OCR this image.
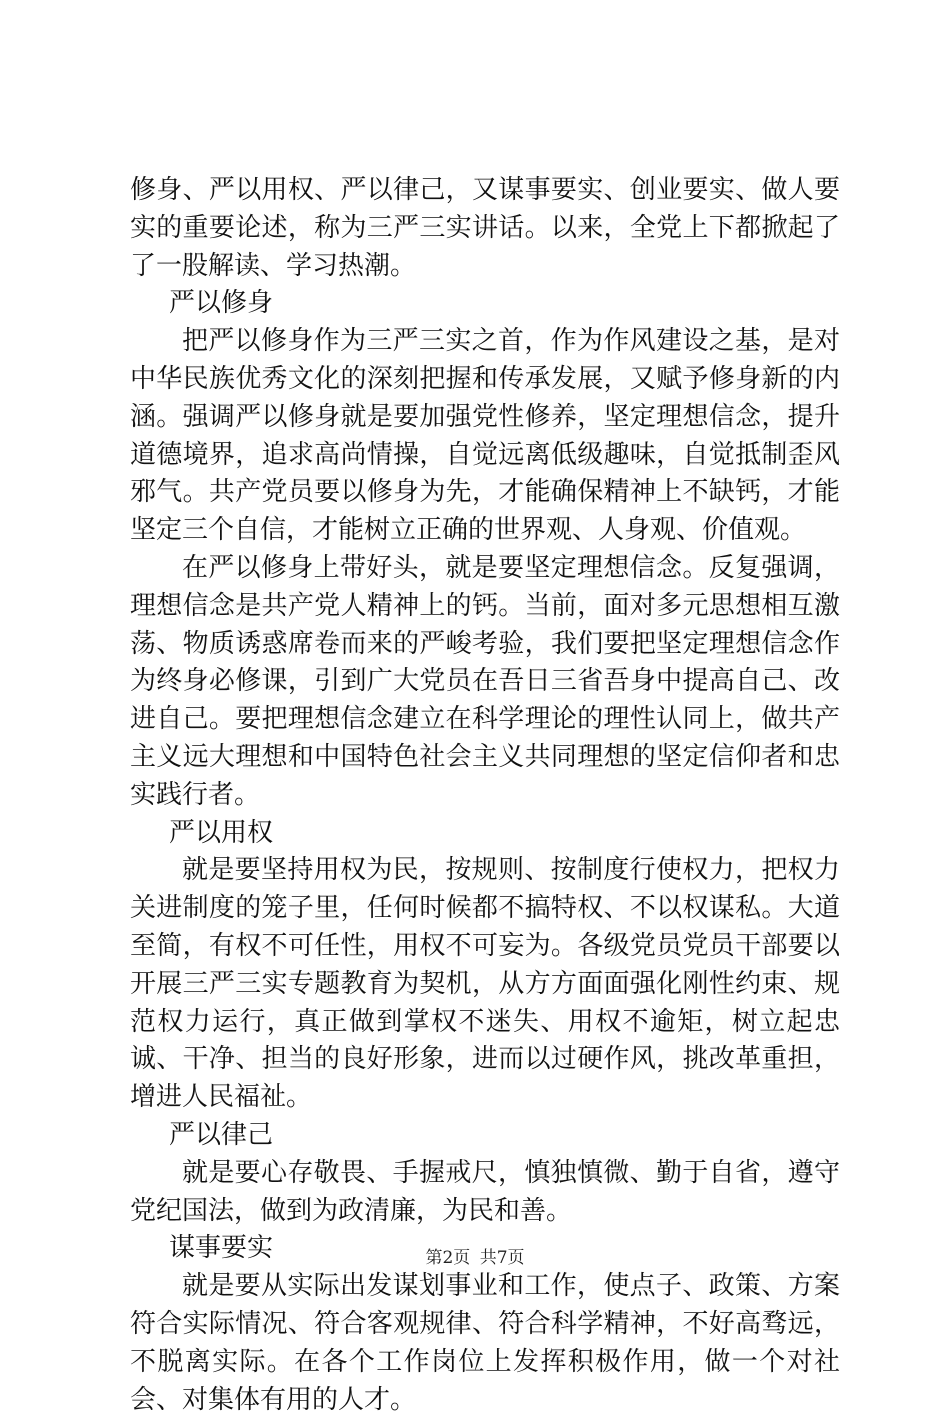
修身、严以用权、严以律己，又谋事要实、创业要实、做人要实的重要论述，称为三严三实讲话。以来，全党上下都掀起了了一股解读、学习热潮。

严以修身

把严以修身作为三严三实之首，作为作风建设之基，是对中华民族优秀文化的深刻把握和传承发展，又赋予修身新的内涵。强调严以修身就是要加强党性修养，坚定理想信念，提升道德境界，追求高尚情操，自觉远离低级趣味，自觉抵制歪风邪气。共产党员要以修身为先，才能确保精神上不缺钙，才能坚定三个自信，才能树立正确的世界观、人身观、价值观。

在严以修身上带好头，就是要坚定理想信念。反复强调，理想信念是共产党人精神上的钙。当前，面对多元思想相互激荡、物质诱惑席卷而来的严峻考验，我们要把坚定理想信念作为终身必修课，引到广大党员在吾日三省吾身中提高自己、改进自己。要把理想信念建立在科学理论的理性认同上，做共产主义远大理想和中国特色社会主义共同理想的坚定信仰者和忠实践行者。

严以用权

就是要坚持用权为民，按规则、按制度行使权力，把权力关进制度的笼子里，任何时候都不搞特权、不以权谋私。大道至简，有权不可任性，用权不可妄为。各级党员党员干部要以开展三严三实专题教育为契机，从方方面面强化刚性约束、规范权力运行，真正做到掌权不迷失、用权不逾矩，树立起忠诚、干净、担当的良好形象，进而以过硬作风，挑改革重担，增进人民福祉。

严以律己

就是要心存敬畏、手握戒尺，慎独慎微、勤于自省，遵守党纪国法，做到为政清廉，为民和善。

谋事要实

就是要从实际出发谋划事业和工作，使点子、政策、方案符合实际情况、符合客观规律、符合科学精神，不好高骛远，不脱离实际。在各个工作岗位上发挥积极作用，做一个对社会、对集体有用的人才。

第2页 共7页
